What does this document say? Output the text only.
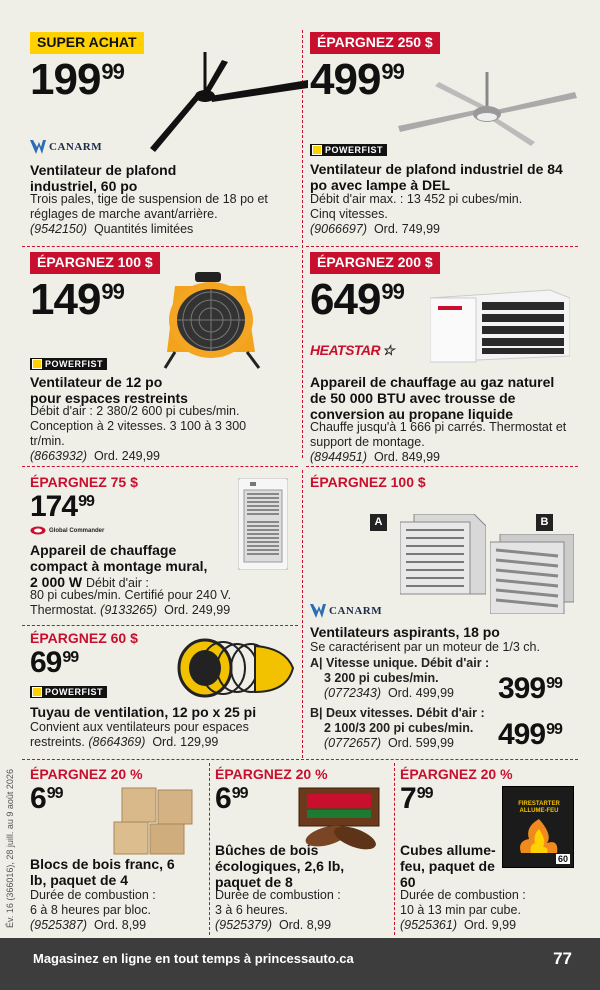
SUPER ACHAT
199 99
CANARM
Ventilateur de plafond industriel, 60 po
Trois pales, tige de suspension de 18 po et réglages de marche avant/arrière.
(9542150) Quantités limitées
ÉPARGNEZ 250 $
499 99
POWERFIST
Ventilateur de plafond industriel de 84 po avec lampe à DEL
Débit d'air max. : 13 452 pi cubes/min.
Cinq vitesses.
(9066697) Ord. 749,99
ÉPARGNEZ 100 $
149 99
POWERFIST
Ventilateur de 12 po pour espaces restreints
Débit d'air : 2 380/2 600 pi cubes/min. Conception à 2 vitesses. 3 100 à 3 300 tr/min.
(8663932) Ord. 249,99
ÉPARGNEZ 200 $
649 99
HEATSTAR ☆
Appareil de chauffage au gaz naturel de 50 000 BTU avec trousse de conversion au propane liquide
Chauffe jusqu'à 1 666 pi carrés. Thermostat et support de montage.
(8944951) Ord. 849,99
ÉPARGNEZ 75 $
174 99
Global Commander
Appareil de chauffage compact à montage mural,
2 000 W Débit d'air :
80 pi cubes/min. Certifié pour 240 V. Thermostat. (9133265) Ord. 249,99
ÉPARGNEZ 100 $
A	B
CANARM
Ventilateurs aspirants, 18 po
Se caractérisent par un moteur de 1/3 ch.
A| Vitesse unique. Débit d'air :
3 200 pi cubes/min.
(0772343) Ord. 499,99	399 99
B| Deux vitesses. Débit d'air :
2 100/3 200 pi cubes/min.
(0772657) Ord. 599,99	499 99
ÉPARGNEZ 60 $
69 99
POWERFIST
Tuyau de ventilation, 12 po x 25 pi
Convient aux ventilateurs pour espaces restreints. (8664369) Ord. 129,99
ÉPARGNEZ 20 %
6 99
Blocs de bois franc, 6 lb, paquet de 4
Durée de combustion :
6 à 8 heures par bloc.
(9525387) Ord. 8,99
ÉPARGNEZ 20 %
6 99
Bûches de bois écologiques, 2,6 lb, paquet de 8
Durée de combustion :
3 à 6 heures.
(9525379) Ord. 8,99
ÉPARGNEZ 20 %
7 99
FIRESTARTER ALLUME-FEU
60
Cubes allume-feu, paquet de 60
Durée de combustion :
10 à 13 min par cube.
(9525361) Ord. 9,99
Év. 16 (366016), 28 juill. au 9 août 2026
Magasinez en ligne en tout temps à princessauto.ca	77
